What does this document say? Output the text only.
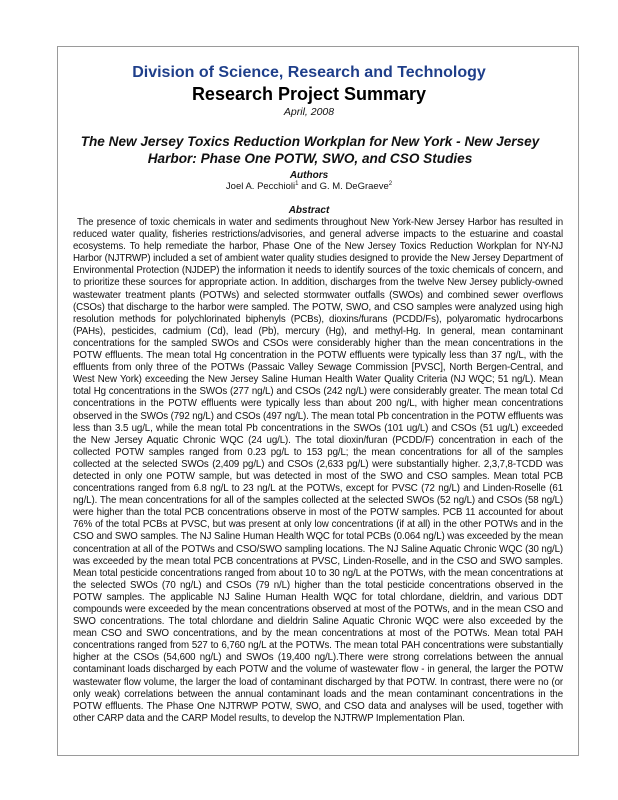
Division of Science, Research and Technology
Research Project Summary
April, 2008
The New Jersey Toxics Reduction Workplan for New York - New Jersey Harbor: Phase One POTW, SWO, and CSO Studies
Authors
Joel A. Pecchioli$^1$ and G. M. DeGraeve$^2$
Abstract

The presence of toxic chemicals in water and sediments throughout New York-New Jersey Harbor has resulted in reduced water quality, fisheries restrictions/advisories, and general adverse impacts to the estuarine and coastal ecosystems. To help remediate the harbor, Phase One of the New Jersey Toxics Reduction Workplan for NY-NJ Harbor (NJTRWP) included a set of ambient water quality studies designed to provide the New Jersey Department of Environmental Protection (NJDEP) the information it needs to identify sources of the toxic chemicals of concern, and to prioritize these sources for appropriate action. In addition, discharges from the twelve New Jersey publicly-owned wastewater treatment plants (POTWs) and selected stormwater outfalls (SWOs) and combined sewer overflows (CSOs) that discharge to the harbor were sampled. The POTW, SWO, and CSO samples were analyzed using high resolution methods for polychlorinated biphenyls (PCBs), dioxins/furans (PCDD/Fs), polyaromatic hydrocarbons (PAHs), pesticides, cadmium (Cd), lead (Pb), mercury (Hg), and methyl-Hg. In general, mean contaminant concentrations for the sampled SWOs and CSOs were considerably higher than the mean concentrations in the POTW effluents. The mean total Hg concentration in the POTW effluents were typically less than 37 ng/L, with the effluents from only three of the POTWs (Passaic Valley Sewage Commission [PVSC], North Bergen-Central, and West New York) exceeding the New Jersey Saline Human Health Water Quality Criteria (NJ WQC; 51 ng/L). Mean total Hg concentrations in the SWOs (277 ng/L) and CSOs (242 ng/L) were considerably greater. The mean total Cd concentrations in the POTW effluents were typically less than about 200 ng/L, with higher mean concentrations observed in the SWOs (792 ng/L) and CSOs (497 ng/L). The mean total Pb concentration in the POTW effluents was less than 3.5 ug/L, while the mean total Pb concentrations in the SWOs (101 ug/L) and CSOs (51 ug/L) exceeded the New Jersey Aquatic Chronic WQC (24 ug/L). The total dioxin/furan (PCDD/F) concentration in each of the collected POTW samples ranged from 0.23 pg/L to 153 pg/L; the mean concentrations for all of the samples collected at the selected SWOs (2,409 pg/L) and CSOs (2,633 pg/L) were substantially higher. 2,3,7,8-TCDD was detected in only one POTW sample, but was detected in most of the SWO and CSO samples. Mean total PCB concentrations ranged from 6.8 ng/L to 23 ng/L at the POTWs, except for PVSC (72 ng/L) and Linden-Roselle (61 ng/L). The mean concentrations for all of the samples collected at the selected SWOs (52 ng/L) and CSOs (58 ng/L) were higher than the total PCB concentrations observe in most of the POTW samples. PCB 11 accounted for about 76% of the total PCBs at PVSC, but was present at only low concentrations (if at all) in the other POTWs and in the CSO and SWO samples. The NJ Saline Human Health WQC for total PCBs (0.064 ng/L) was exceeded by the mean concentration at all of the POTWs and CSO/SWO sampling locations. The NJ Saline Aquatic Chronic WQC (30 ng/L) was exceeded by the mean total PCB concentrations at PVSC, Linden-Roselle, and in the CSO and SWO samples. Mean total pesticide concentrations ranged from about 10 to 30 ng/L at the POTWs, with the mean concentrations at the selected SWOs (70 ng/L) and CSOs (79 n/L) higher than the total pesticide concentrations observed in the POTW samples. The applicable NJ Saline Human Health WQC for total chlordane, dieldrin, and various DDT compounds were exceeded by the mean concentrations observed at most of the POTWs, and in the mean CSO and SWO concentrations. The total chlordane and dieldrin Saline Aquatic Chronic WQC were also exceeded by the mean CSO and SWO concentrations, and by the mean concentrations at most of the POTWs. Mean total PAH concentrations ranged from 527 to 6,760 ng/L at the POTWs. The mean total PAH concentrations were substantially higher at the CSOs (54,600 ng/L) and SWOs (19,400 ng/L).There were strong correlations between the annual contaminant loads discharged by each POTW and the volume of wastewater flow - in general, the larger the POTW wastewater flow volume, the larger the load of contaminant discharged by that POTW. In contrast, there were no (or only weak) correlations between the annual contaminant loads and the mean contaminant concentrations in the POTW effluents. The Phase One NJTRWP POTW, SWO, and CSO data and analyses will be used, together with other CARP data and the CARP Model results, to develop the NJTRWP Implementation Plan.
